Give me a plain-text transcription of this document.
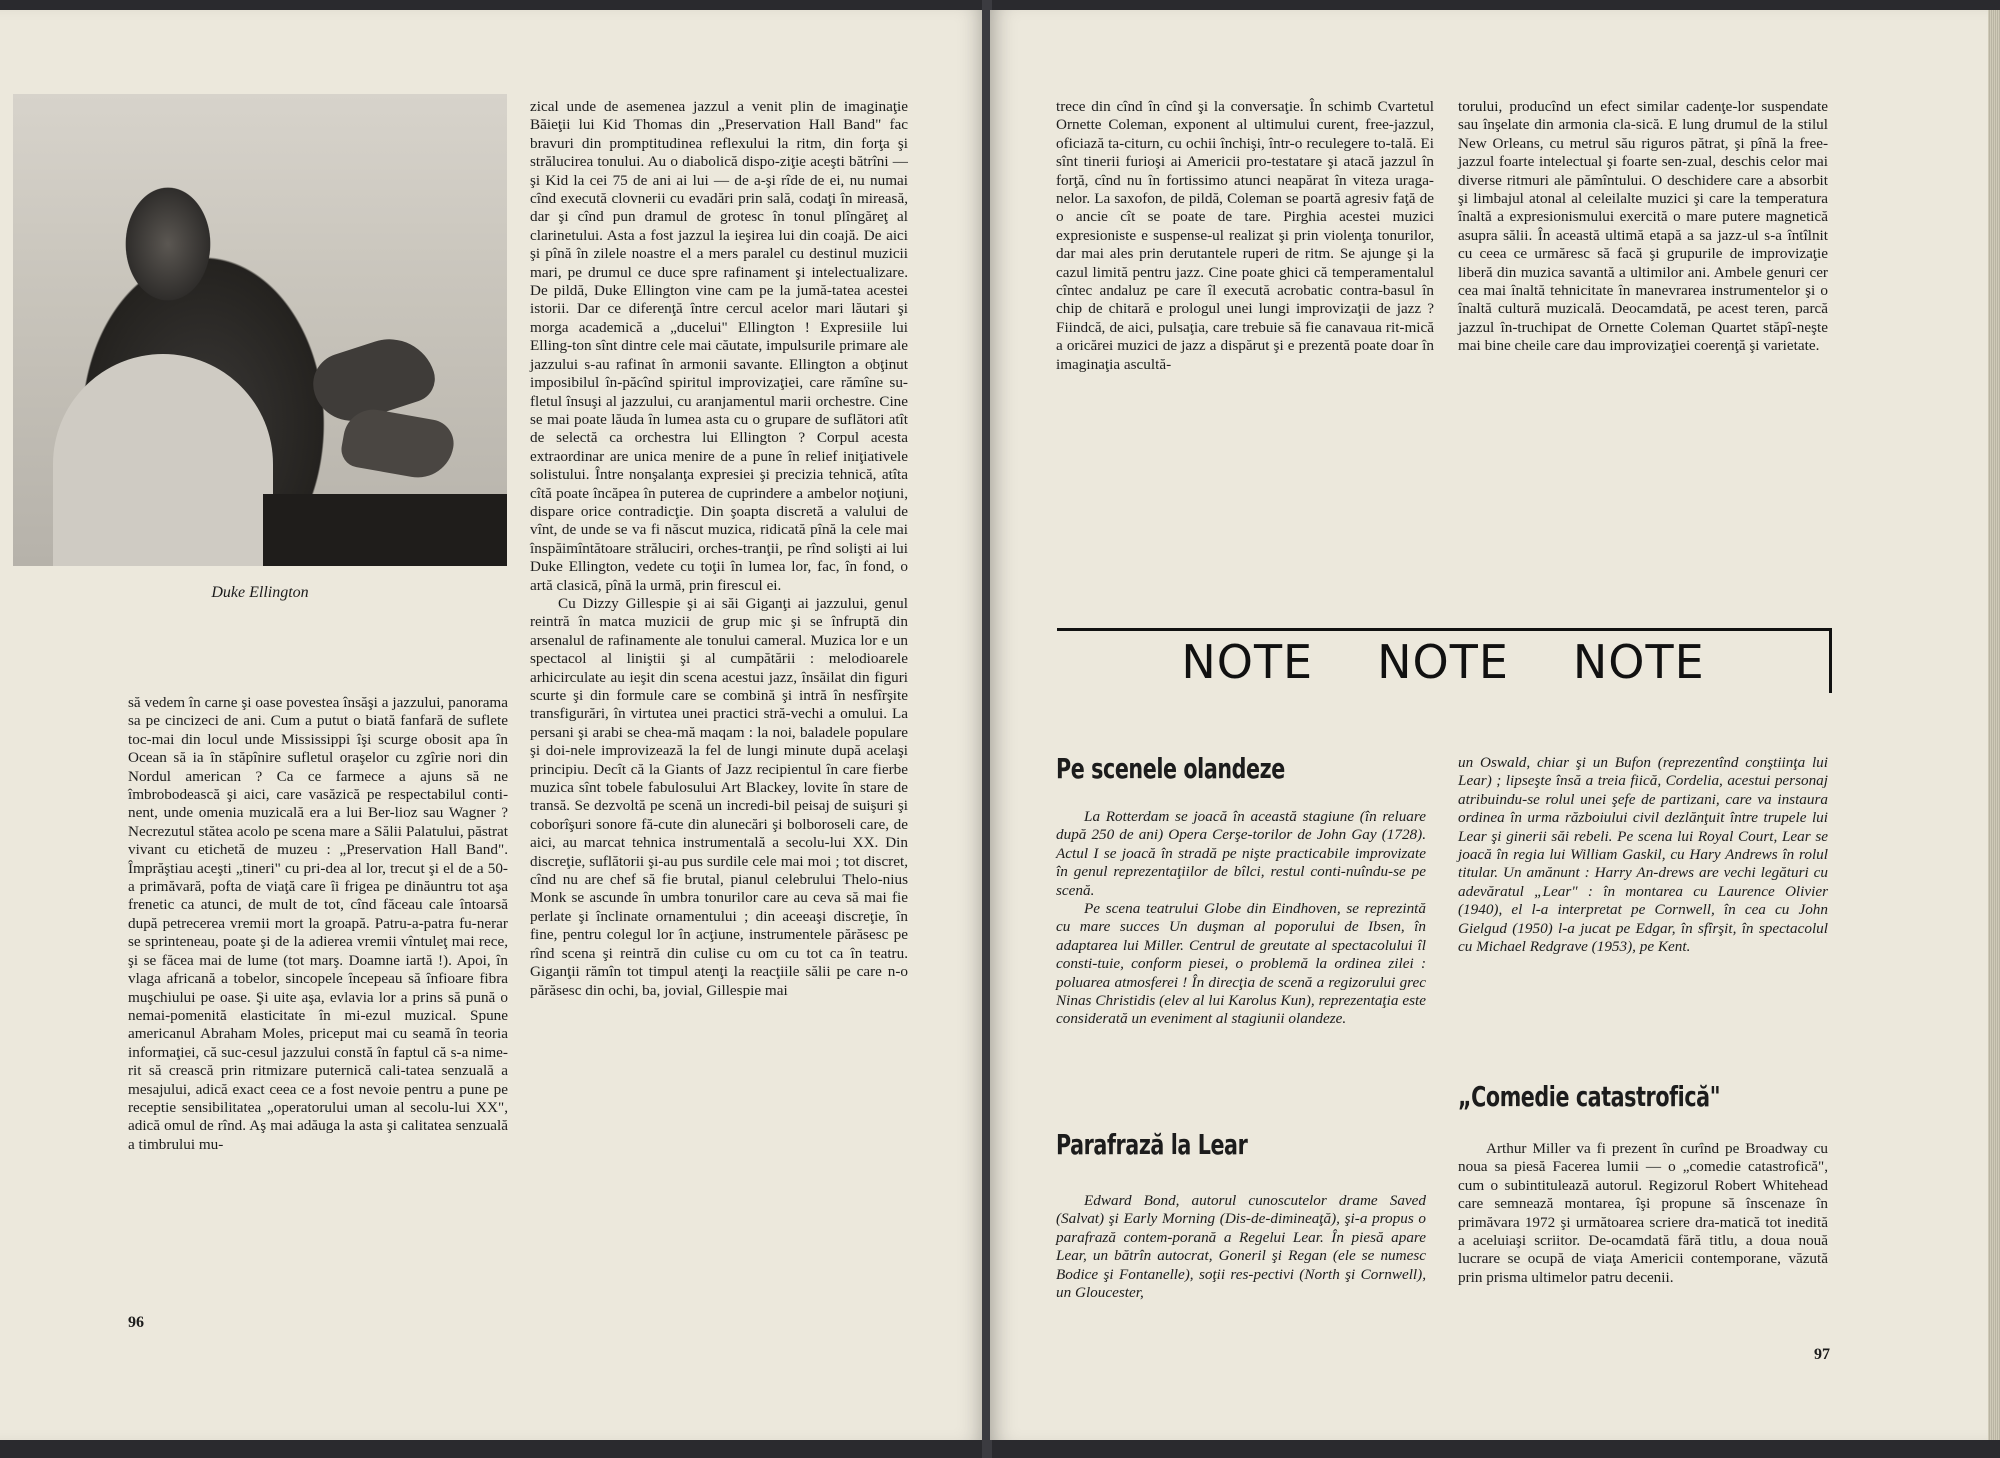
Duke Ellington

să vedem în carne şi oase povestea însăşi a jazzului, panorama sa pe cincizeci de ani. Cum a putut o biată fanfară de suflete toc-mai din locul unde Mississippi îşi scurge obosit apa în Ocean să ia în stăpînire sufletul oraşelor cu zgîrie nori din Nordul american ? Ca ce farmece a ajuns să ne îmbrobodească şi aici, care vasăzică pe respectabilul conti-nent, unde omenia muzicală era a lui Ber-lioz sau Wagner ? Necrezutul stătea acolo pe scena mare a Sălii Palatului, păstrat vivant cu etichetă de muzeu : „Preservation Hall Band". Împrăştiau aceşti „tineri" cu pri-dea al lor, trecut şi el de a 50-a primăvară, pofta de viaţă care îi frigea pe dinăuntru tot aşa frenetic ca atunci, de mult de tot, cînd făceau cale întoarsă după petrecerea vremii mort la groapă. Patru-a-patra fu-nerar se sprinteneau, poate şi de la adierea vremii vîntuleţ mai rece, şi se făcea mai de lume (tot marş. Doamne iartă !). Apoi, în vlaga africană a tobelor, sincopele începeau să înfioare fibra muşchiului pe oase. Şi uite aşa, evlavia lor a prins să pună o nemai-pomenită elasticitate în mi-ezul muzical. Spune americanul Abraham Moles, priceput mai cu seamă în teoria informaţiei, că suc-cesul jazzului constă în faptul că s-a nime-rit să crească prin ritmizare puternică cali-tatea senzuală a mesajului, adică exact ceea ce a fost nevoie pentru a pune pe receptie sensibilitatea „operatorului uman al secolu-lui XX", adică omul de rînd. Aş mai adăuga la asta şi calitatea senzuală a timbrului mu-

zical unde de asemenea jazzul a venit plin de imaginaţie Băieţii lui Kid Thomas din „Preservation Hall Band" fac bravuri din promptitudinea reflexului la ritm, din forţa şi strălucirea tonului. Au o diabolică dispo-ziţie aceşti bătrîni — şi Kid la cei 75 de ani ai lui — de a-şi rîde de ei, nu numai cînd execută clovnerii cu evadări prin sală, codaţi în mireasă, dar şi cînd pun dramul de grotesc în tonul plîngăreţ al clarinetului. Asta a fost jazzul la ieşirea lui din coajă. De aici şi pînă în zilele noastre el a mers paralel cu destinul muzicii mari, pe drumul ce duce spre rafinament şi intelectualizare. De pildă, Duke Ellington vine cam pe la jumă-tatea acestei istorii. Dar ce diferenţă între cercul acelor mari lăutari şi morga academică a „ducelui" Ellington ! Expresiile lui Elling-ton sînt dintre cele mai căutate, impulsurile primare ale jazzului s-au rafinat în armonii savante. Ellington a obţinut imposibilul în-păcînd spiritul improvizaţiei, care rămîne su-fletul însuşi al jazzului, cu aranjamentul marii orchestre. Cine se mai poate lăuda în lumea asta cu o grupare de suflători atît de selectă ca orchestra lui Ellington ? Corpul acesta extraordinar are unica menire de a pune în relief iniţiativele solistului. Între nonşalanţa expresiei şi precizia tehnică, atîta cîtă poate încăpea în puterea de cuprindere a ambelor noţiuni, dispare orice contradicţie. Din şoapta discretă a valului de vînt, de unde se va fi născut muzica, ridicată pînă la cele mai înspăimîntătoare străluciri, orches-tranţii, pe rînd solişti ai lui Duke Ellington, vedete cu toţii în lumea lor, fac, în fond, o artă clasică, pînă la urmă, prin firescul ei.

Cu Dizzy Gillespie şi ai săi Giganţi ai jazzului, genul reintră în matca muzicii de grup mic şi se înfruptă din arsenalul de rafinamente ale tonului cameral. Muzica lor e un spectacol al liniştii şi al cumpătării : melodioarele arhicirculate au ieşit din scena acestui jazz, însăilat din figuri scurte şi din formule care se combină şi intră în nesfîrşite transfigurări, în virtutea unei practici stră-vechi a omului. La persani şi arabi se chea-mă maqam : la noi, baladele populare şi doi-nele improvizează la fel de lungi minute după acelaşi principiu. Decît că la Giants of Jazz recipientul în care fierbe muzica sînt tobele fabulosului Art Blackey, lovite în stare de transă. Se dezvoltă pe scenă un incredi-bil peisaj de suişuri şi coborîşuri sonore fă-cute din alunecări şi bolboroseli care, de aici, au marcat tehnica instrumentală a secolu-lui XX. Din discreţie, suflătorii şi-au pus surdile cele mai moi ; tot discret, cînd nu are chef să fie brutal, pianul celebrului Thelo-nius Monk se ascunde în umbra tonurilor care au ceva să mai fie perlate şi înclinate ornamentului ; din aceeaşi discreţie, în fine, pentru colegul lor în acţiune, instrumentele părăsesc pe rînd scena şi reintră din culise cu om cu tot ca în teatru. Giganţii rămîn tot timpul atenţi la reacţiile sălii pe care n-o părăsesc din ochi, ba, jovial, Gillespie mai

96

trece din cînd în cînd şi la conversaţie. În schimb Cvartetul Ornette Coleman, exponent al ultimului curent, free-jazzul, oficiază ta-citurn, cu ochii închişi, într-o reculegere to-tală. Ei sînt tinerii furioşi ai Americii pro-testatare şi atacă jazzul în forţă, cînd nu în fortissimo atunci neapărat în viteza uraga-nelor. La saxofon, de pildă, Coleman se poartă agresiv faţă de o ancie cît se poate de tare. Pirghia acestei muzici expresioniste e suspense-ul realizat şi prin violenţa tonurilor, dar mai ales prin derutantele ruperi de ritm. Se ajunge şi la cazul limită pentru jazz. Cine poate ghici că temperamentalul cîntec andaluz pe care îl execută acrobatic contra-basul în chip de chitară e prologul unei lungi improvizaţii de jazz ? Fiindcă, de aici, pulsaţia, care trebuie să fie canavaua rit-mică a oricărei muzici de jazz a dispărut şi e prezentă poate doar în imaginaţia ascultă-

torului, producînd un efect similar cadenţe-lor suspendate sau înşelate din armonia cla-sică. E lung drumul de la stilul New Orleans, cu metrul său riguros pătrat, şi pînă la free-jazzul foarte intelectual şi foarte sen-zual, deschis celor mai diverse ritmuri ale pămîntului. O deschidere care a absorbit şi limbajul atonal al celeilalte muzici şi care la temperatura înaltă a expresionismului exercită o mare putere magnetică asupra sălii. În această ultimă etapă a sa jazz-ul s-a întîlnit cu ceea ce urmăresc să facă şi grupurile de improvizaţie liberă din muzica savantă a ultimilor ani. Ambele genuri cer cea mai înaltă tehnicitate în manevrarea instrumentelor şi o înaltă cultură muzicală. Deocamdată, pe acest teren, parcă jazzul în-truchipat de Ornette Coleman Quartet stăpî-neşte mai bine cheile care dau improvizaţiei coerenţă şi varietate.

NOTE NOTE NOTE
Pe scenele olandeze

La Rotterdam se joacă în această stagiune (în reluare după 250 de ani) Opera Cerşe-torilor de John Gay (1728). Actul I se joacă în stradă pe nişte practicabile improvizate în genul reprezentaţiilor de bîlci, restul conti-nuîndu-se pe scenă.

Pe scena teatrului Globe din Eindhoven, se reprezintă cu mare succes Un duşman al poporului de Ibsen, în adaptarea lui Miller. Centrul de greutate al spectacolului îl consti-tuie, conform piesei, o problemă la ordinea zilei : poluarea atmosferei ! În direcţia de scenă a regizorului grec Ninas Christidis (elev al lui Karolus Kun), reprezentaţia este considerată un eveniment al stagiunii olandeze.

Parafrază la Lear

Edward Bond, autorul cunoscutelor drame Saved (Salvat) şi Early Morning (Dis-de-dimineaţă), şi-a propus o parafrază contem-porană a Regelui Lear. În piesă apare Lear, un bătrîn autocrat, Goneril şi Regan (ele se numesc Bodice şi Fontanelle), soţii res-pectivi (North şi Cornwell), un Gloucester,

un Oswald, chiar şi un Bufon (reprezentînd conştiinţa lui Lear) ; lipseşte însă a treia fiică, Cordelia, acestui personaj atribuindu-se rolul unei şefe de partizani, care va instaura ordinea în urma războiului civil dezlănţuit între trupele lui Lear şi ginerii săi rebeli. Pe scena lui Royal Court, Lear se joacă în regia lui William Gaskil, cu Hary Andrews în rolul titular. Un amănunt : Harry An-drews are vechi legături cu adevăratul „Lear" : în montarea cu Laurence Olivier (1940), el l-a interpretat pe Cornwell, în cea cu John Gielgud (1950) l-a jucat pe Edgar, în sfîrşit, în spectacolul cu Michael Redgrave (1953), pe Kent.

„Comedie catastrofică"

Arthur Miller va fi prezent în curînd pe Broadway cu noua sa piesă Facerea lumii — o „comedie catastrofică", cum o subintitulează autorul. Regizorul Robert Whitehead care semnează montarea, îşi propune să înscenaze în primăvara 1972 şi următoarea scriere dra-matică tot inedită a aceluiaşi scriitor. De-ocamdată fără titlu, a doua nouă lucrare se ocupă de viaţa Americii contemporane, văzută prin prisma ultimelor patru decenii.

97
